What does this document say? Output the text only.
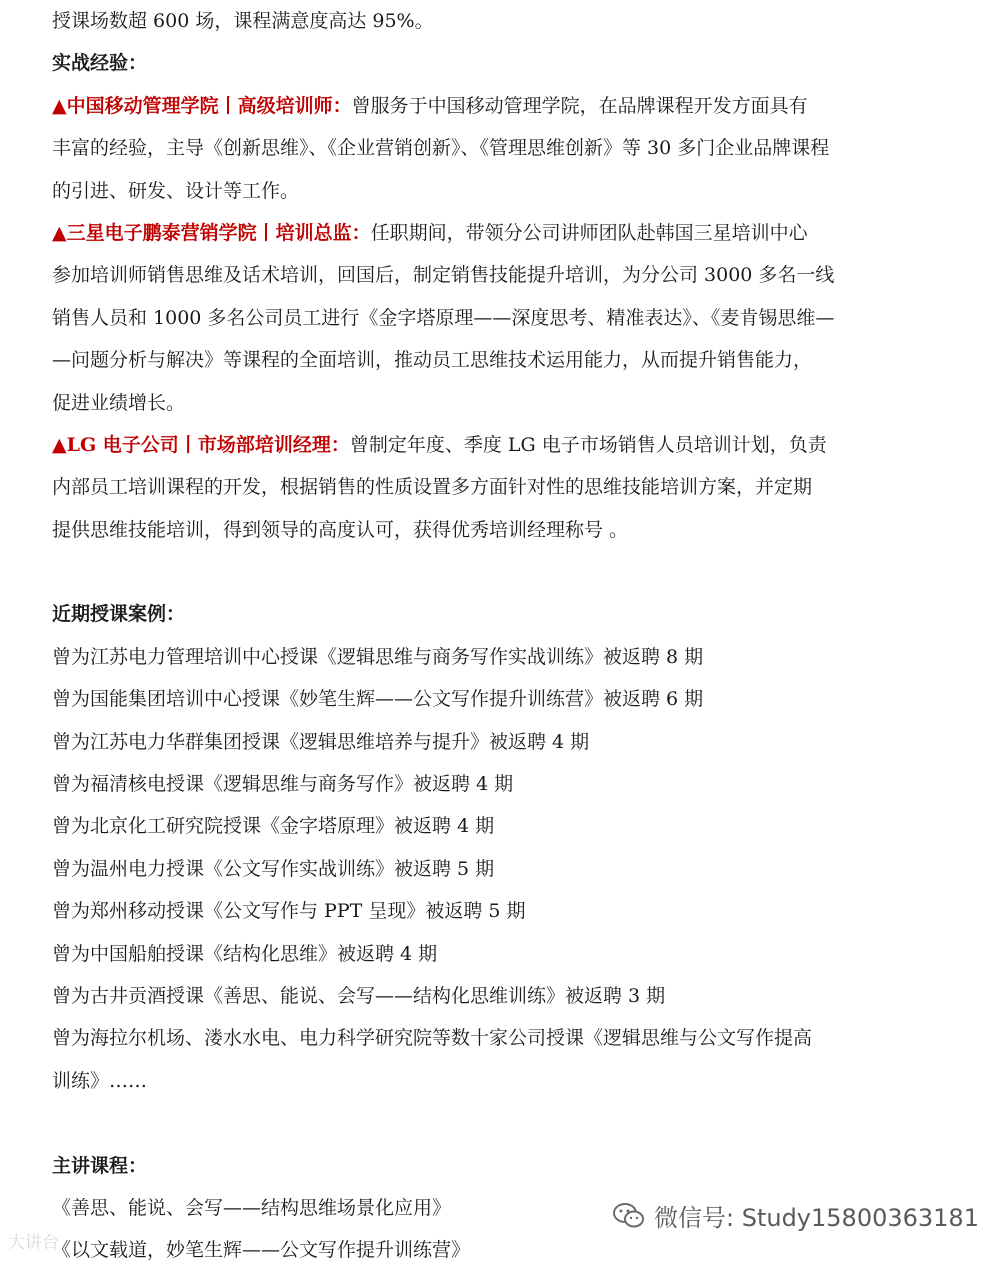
授课场数超 600 场，课程满意度高达 95%。
实战经验：
▲中国移动管理学院丨高级培训师：曾服务于中国移动管理学院，在品牌课程开发方面具有
丰富的经验，主导《创新思维》、《企业营销创新》、《管理思维创新》等 30 多门企业品牌课程
的引进、研发、设计等工作。
▲三星电子鹏泰营销学院丨培训总监：任职期间，带领分公司讲师团队赴韩国三星培训中心
参加培训师销售思维及话术培训，回国后，制定销售技能提升培训，为分公司 3000 多名一线
销售人员和 1000 多名公司员工进行《金字塔原理——深度思考、精准表达》、《麦肯锡思维—
—问题分析与解决》等课程的全面培训，推动员工思维技术运用能力，从而提升销售能力，
促进业绩增长。
▲LG 电子公司丨市场部培训经理：曾制定年度、季度 LG 电子市场销售人员培训计划，负责
内部员工培训课程的开发，根据销售的性质设置多方面针对性的思维技能培训方案，并定期
提供思维技能培训，得到领导的高度认可，获得优秀培训经理称号 。
近期授课案例：
曾为江苏电力管理培训中心授课《逻辑思维与商务写作实战训练》被返聘 8 期
曾为国能集团培训中心授课《妙笔生辉——公文写作提升训练营》被返聘 6 期
曾为江苏电力华群集团授课《逻辑思维培养与提升》被返聘 4 期
曾为福清核电授课《逻辑思维与商务写作》被返聘 4 期
曾为北京化工研究院授课《金字塔原理》被返聘 4 期
曾为温州电力授课《公文写作实战训练》被返聘 5 期
曾为郑州移动授课《公文写作与 PPT 呈现》被返聘 5 期
曾为中国船舶授课《结构化思维》被返聘 4 期
曾为古井贡酒授课《善思、能说、会写——结构化思维训练》被返聘 3 期
曾为海拉尔机场、溇水水电、电力科学研究院等数十家公司授课《逻辑思维与公文写作提高
训练》……
主讲课程：
《善思、能说、会写——结构思维场景化应用》
《以文载道，妙笔生辉——公文写作提升训练营》
大讲台
微信号: Study15800363181
